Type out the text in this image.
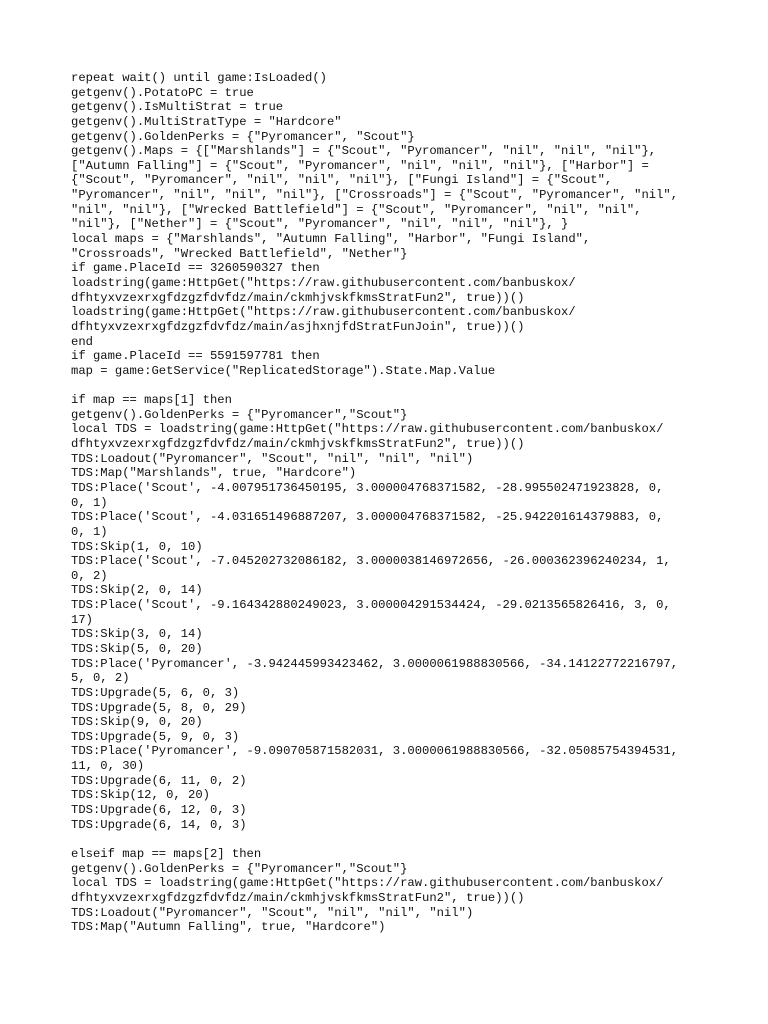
repeat wait() until game:IsLoaded()
getgenv().PotatoPC = true
getgenv().IsMultiStrat = true
getgenv().MultiStratType = "Hardcore"
getgenv().GoldenPerks = {"Pyromancer", "Scout"}
getgenv().Maps = {["Marshlands"] = {"Scout", "Pyromancer", "nil", "nil", "nil"},
["Autumn Falling"] = {"Scout", "Pyromancer", "nil", "nil", "nil"}, ["Harbor"] =
{"Scout", "Pyromancer", "nil", "nil", "nil"}, ["Fungi Island"] = {"Scout",
"Pyromancer", "nil", "nil", "nil"}, ["Crossroads"] = {"Scout", "Pyromancer", "nil",
"nil", "nil"}, ["Wrecked Battlefield"] = {"Scout", "Pyromancer", "nil", "nil",
"nil"}, ["Nether"] = {"Scout", "Pyromancer", "nil", "nil", "nil"}, }
local maps = {"Marshlands", "Autumn Falling", "Harbor", "Fungi Island",
"Crossroads", "Wrecked Battlefield", "Nether"}
if game.PlaceId == 3260590327 then
loadstring(game:HttpGet("https://raw.githubusercontent.com/banbuskox/
dfhtyxvzexrxgfdzgzfdvfdz/main/ckmhjvskfkmsStratFun2", true))()
loadstring(game:HttpGet("https://raw.githubusercontent.com/banbuskox/
dfhtyxvzexrxgfdzgzfdvfdz/main/asjhxnjfdStratFunJoin", true))()
end
if game.PlaceId == 5591597781 then
map = game:GetService("ReplicatedStorage").State.Map.Value
if map == maps[1] then
getgenv().GoldenPerks = {"Pyromancer","Scout"}
local TDS = loadstring(game:HttpGet("https://raw.githubusercontent.com/banbuskox/
dfhtyxvzexrxgfdzgzfdvfdz/main/ckmhjvskfkmsStratFun2", true))()
TDS:Loadout("Pyromancer", "Scout", "nil", "nil", "nil")
TDS:Map("Marshlands", true, "Hardcore")
TDS:Place('Scout', -4.007951736450195, 3.000004768371582, -28.995502471923828, 0,
0, 1)
TDS:Place('Scout', -4.031651496887207, 3.000004768371582, -25.942201614379883, 0,
0, 1)
TDS:Skip(1, 0, 10)
TDS:Place('Scout', -7.045202732086182, 3.0000038146972656, -26.000362396240234, 1,
0, 2)
TDS:Skip(2, 0, 14)
TDS:Place('Scout', -9.164342880249023, 3.000004291534424, -29.0213565826416, 3, 0,
17)
TDS:Skip(3, 0, 14)
TDS:Skip(5, 0, 20)
TDS:Place('Pyromancer', -3.942445993423462, 3.0000061988830566, -34.14122772216797,
5, 0, 2)
TDS:Upgrade(5, 6, 0, 3)
TDS:Upgrade(5, 8, 0, 29)
TDS:Skip(9, 0, 20)
TDS:Upgrade(5, 9, 0, 3)
TDS:Place('Pyromancer', -9.090705871582031, 3.0000061988830566, -32.05085754394531,
11, 0, 30)
TDS:Upgrade(6, 11, 0, 2)
TDS:Skip(12, 0, 20)
TDS:Upgrade(6, 12, 0, 3)
TDS:Upgrade(6, 14, 0, 3)
elseif map == maps[2] then
getgenv().GoldenPerks = {"Pyromancer","Scout"}
local TDS = loadstring(game:HttpGet("https://raw.githubusercontent.com/banbuskox/
dfhtyxvzexrxgfdzgzfdvfdz/main/ckmhjvskfkmsStratFun2", true))()
TDS:Loadout("Pyromancer", "Scout", "nil", "nil", "nil")
TDS:Map("Autumn Falling", true, "Hardcore")
